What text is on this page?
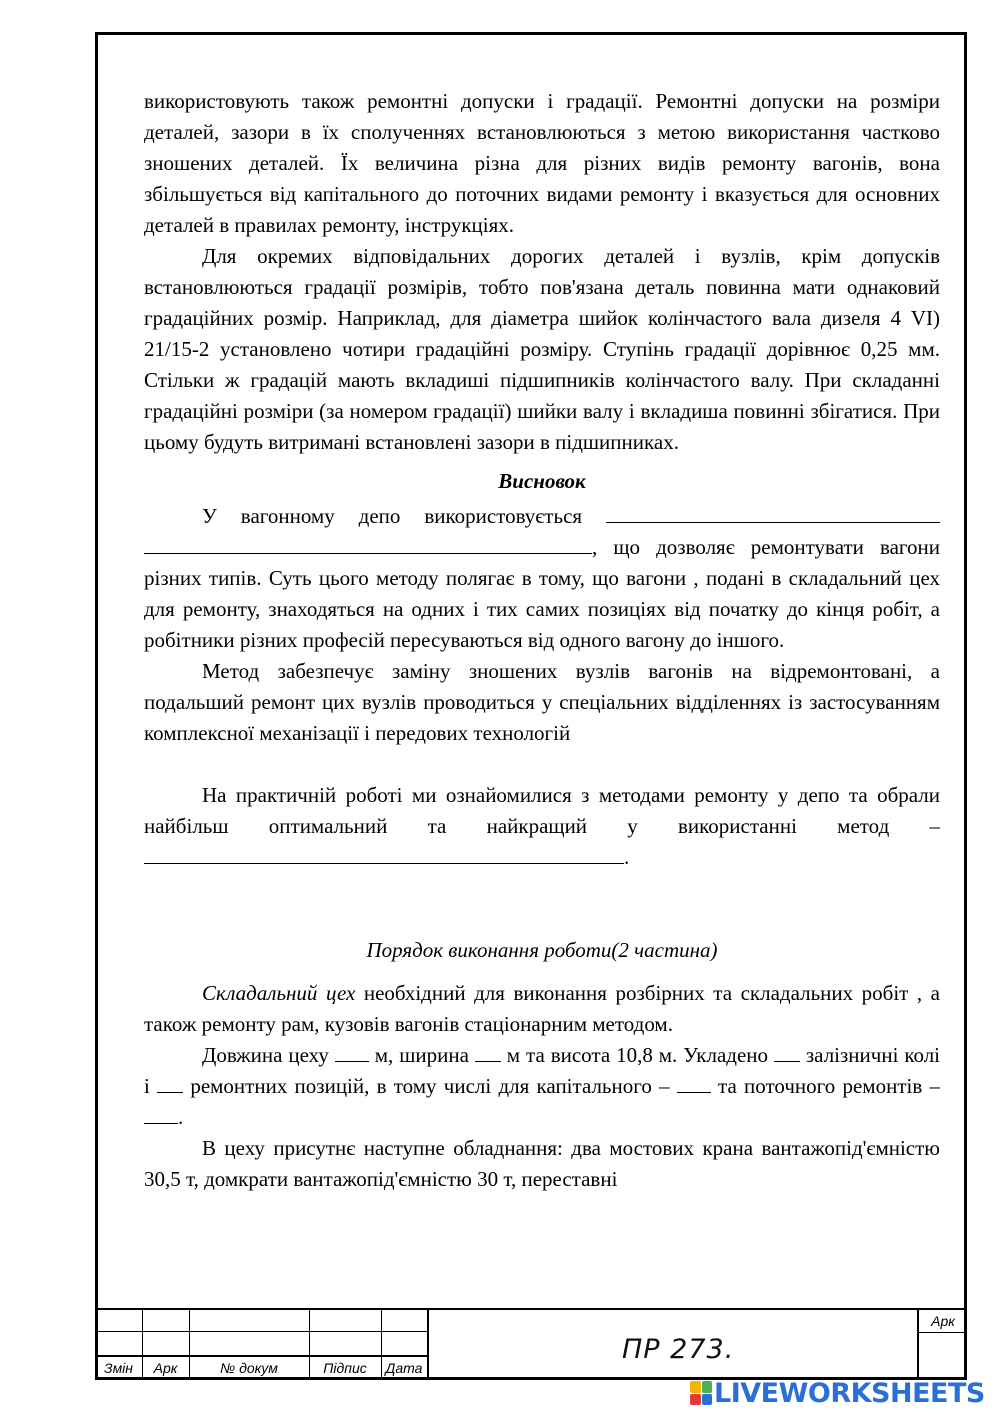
використовують також ремонтні допуски і градації. Ремонтні допуски на розміри деталей, зазори в їх сполученнях встановлюються з метою використання частково зношених деталей. Їх величина різна для різних видів ремонту вагонів, вона збільшується від капітального до поточних видами ремонту і вказується для основних деталей в правилах ремонту, інструкціях.

Для окремих відповідальних дорогих деталей і вузлів, крім допусків встановлюються градації розмірів, тобто пов'язана деталь повинна мати однаковий градаційних розмір. Наприклад, для діаметра шийок колінчастого вала дизеля 4 VI) 21/15-2 установлено чотири градаційні розміру. Ступінь градації дорівнює 0,25 мм. Стільки ж градацій мають вкладиші підшипників колінчастого валу. При складанні градаційні розміри (за номером градації) шийки валу і вкладиша повинні збігатися. При цьому будуть витримані встановлені зазори в підшипниках.

Висновок

У вагонному депо використовується  , що дозволяє ремонтувати вагони різних типів. Суть цього методу полягає в тому, що вагони , подані в складальний цех для ремонту, знаходяться на одних і тих самих позиціях від початку до кінця робіт, а робітники різних професій пересуваються від одного вагону до іншого.

Метод забезпечує заміну зношених вузлів вагонів на відремонтовані, а подальший ремонт цих вузлів проводиться у спеціальних відділеннях із застосуванням комплексної механізації і передових технологій

На практичній роботі ми ознайомилися з методами ремонту у депо та обрали найбільш оптимальний та найкращий у використанні метод – .

Порядок виконання роботи(2 частина)

Складальний цех необхідний для виконання розбірних та складальних робіт , а також ремонту рам, кузовів вагонів стаціонарним методом.

Довжина цеху м, ширина м та висота 10,8 м. Укладено залізничні колі і ремонтних позицій, в тому числі для капітального – та поточного ремонтів – .

В цеху присутнє наступне обладнання: два мостових крана вантажопід'ємністю 30,5 т, домкрати вантажопід'ємністю 30 т, переставні

Змін	Арк	№ докум	Підпис	Дата
Арк
ПР 273.
LIVEWORKSHEETS
